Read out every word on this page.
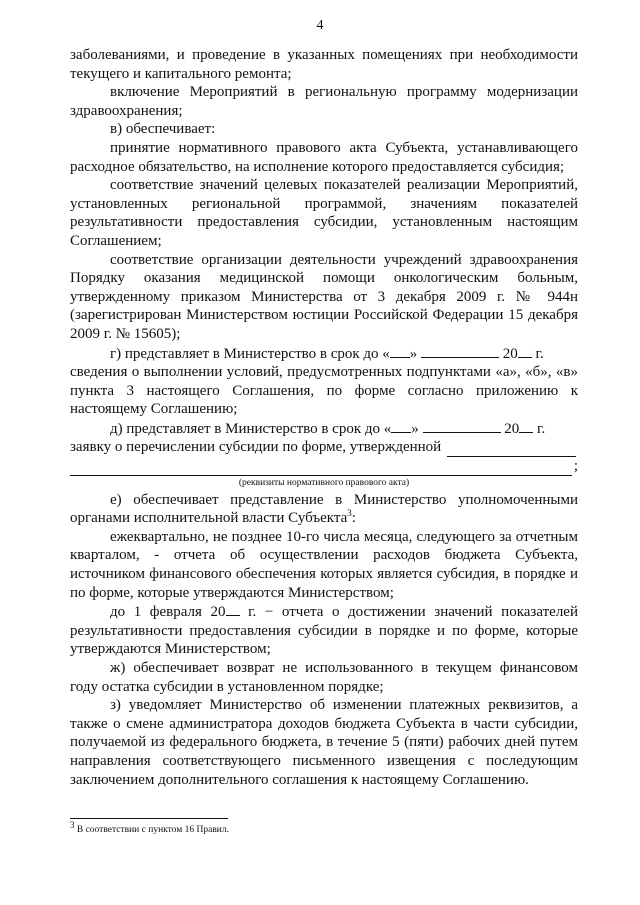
4

заболеваниями, и проведение в указанных помещениях при необходимости текущего и капитального ремонта;

включение Мероприятий в региональную программу модернизации здравоохранения;

в) обеспечивает:

принятие нормативного правового акта Субъекта, устанавливающего расходное обязательство, на исполнение которого предоставляется субсидия;

соответствие значений целевых показателей реализации Мероприятий, установленных региональной программой, значениям показателей результативности предоставления субсидии, установленным настоящим Соглашением;

соответствие организации деятельности учреждений здравоохранения Порядку оказания медицинской помощи онкологическим больным, утвержденному приказом Министерства от 3 декабря 2009 г. № 944н (зарегистрирован Министерством юстиции Российской Федерации 15 декабря 2009 г. № 15605);

г) представляет в Министерство в срок до « »	20 г.

сведения о выполнении условий, предусмотренных подпунктами «а», «б», «в» пункта 3 настоящего Соглашения, по форме согласно приложению к настоящему Соглашению;

д) представляет в Министерство в срок до « »	20 г.

заявку о перечислении субсидии по форме, утвержденной
;
(реквизиты нормативного правового акта)

е) обеспечивает представление в Министерство уполномоченными органами исполнительной власти Субъекта$^3$:

ежеквартально, не позднее 10-го числа месяца, следующего за отчетным кварталом, - отчета об осуществлении расходов бюджета Субъекта, источником финансового обеспечения которых является субсидия, в порядке и по форме, которые утверждаются Министерством;

до 1 февраля 20 г. − отчета о достижении значений показателей результативности предоставления субсидии в порядке и по форме, которые утверждаются Министерством;

ж) обеспечивает возврат не использованного в текущем финансовом году остатка субсидии в установленном порядке;

з) уведомляет Министерство об изменении платежных реквизитов, а также о смене администратора доходов бюджета Субъекта в части субсидии, получаемой из федерального бюджета, в течение 5 (пяти) рабочих дней путем направления соответствующего письменного извещения с последующим заключением дополнительного соглашения к настоящему Соглашению.

$^3$ В соответствии с пунктом 16 Правил.
